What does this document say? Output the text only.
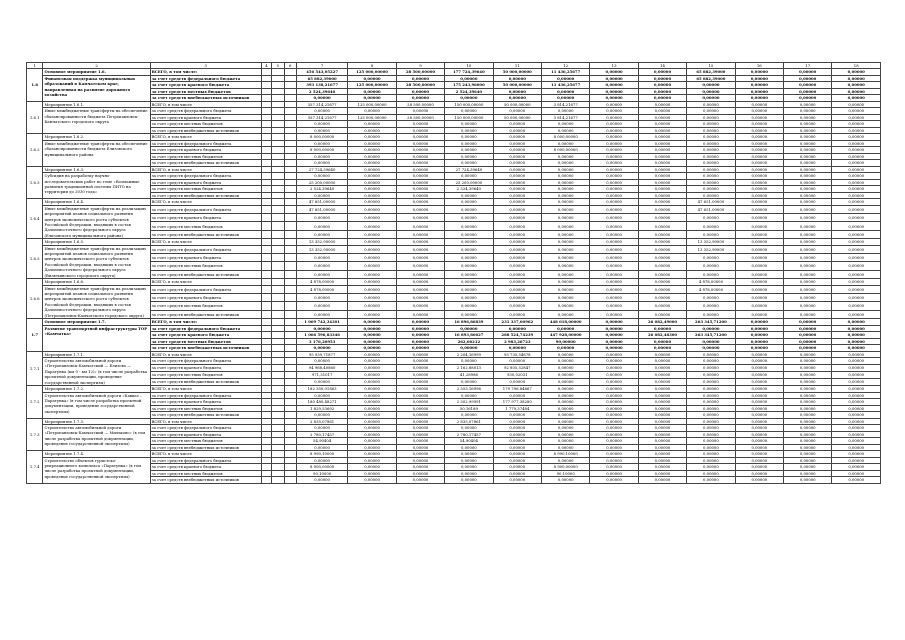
1	2	3	4	5	6	7	8	9	10	11	12	13	14	15	16	17	18
1.6	Основное мероприятие 1.6.	ВСЕГО, в том числе:				456 543,05227	125 000,00000	28 500,00000	177 724,39640	50 000,00000	11 436,25677	0,00000	0,00000	65 882,39000	0,00000	0,00000	0,00000
	Финансовая поддержка муниципальных образований в Камчатском крае, направленная на развитие дорожного хозяйства	за счет средств федерального бюджета				65 882,39000	0,00000	0,00000	0,00000	0,00000	0,00000	0,00000	0,00000	65 882,39000	0,00000	0,00000	0,00000
		за счет средств краевого бюджета				393 138,21677	125 000,00000	28 500,00000	175 243,96000	50 000,00000	11 436,25677	0,00000	0,00000	0,00000	0,00000	0,00000	0,00000
		за счет средств местных бюджетов				2 524,39640	0,00000	0,00000	2 524,39640	0,00000	0,00000	0,00000	0,00000	0,00000	0,00000	0,00000	0,00000
		за счет средств внебюджетных источников				0,00000	0,00000	0,00000	0,00000	0,00000	0,00000	0,00000	0,00000	0,00000	0,00000	0,00000	0,00000
1.6.1	Мероприятие 1.6.1.	ВСЕГО, в том числе				357 314,21677	125 000,00000	28 500,00000	150 000,00000	50 000,00000	3 814,21677	0,00000	0,00000	0,00000	0,00000	0,00000	0,00000
	Иные межбюджетные трансферты на обеспечение сбалансированности бюджета Петропавловск-Камчатского городского округа	за счет средств федерального бюджета				0,00000	0,00000	0,00000	0,00000	0,00000	0,00000	0,00000	0,00000	0,00000	0,00000	0,00000	0,00000
		за счет средств краевого бюджета				357 314,21677	125 000,00000	28 500,00000	150 000,00000	50 000,00000	3 814,21677	0,00000	0,00000	0,00000	0,00000	0,00000	0,00000
		за счет средств местных бюджетов				0,00000	0,00000	0,00000	0,00000	0,00000	0,00000	0,00000	0,00000	0,00000	0,00000	0,00000	0,00000
		за счет средств внебюджетных источников				0,00000	0,00000	0,00000	0,00000	0,00000	0,00000	0,00000	0,00000	0,00000	0,00000	0,00000	0,00000
1.6.2	Мероприятие 1.6.2.	ВСЕГО, в том числе				8 000,00000	0,00000	0,00000	0,00000	0,00000	8 000,00000	0,00000	0,00000	0,00000	0,00000	0,00000	0,00000
	Иные межбюджетные трансферты на обеспечение сбалансированности бюджета Елизовского муниципального района	за счет средств федерального бюджета				0,00000	0,00000	0,00000	0,00000	0,00000	0,00000	0,00000	0,00000	0,00000	0,00000	0,00000	0,00000
		за счет средств краевого бюджета				8 000,00000	0,00000	0,00000	0,00000	0,00000	8 000,00000	0,00000	0,00000	0,00000	0,00000	0,00000	0,00000
		за счет средств местных бюджетов				0,00000	0,00000	0,00000	0,00000	0,00000	0,00000	0,00000	0,00000	0,00000	0,00000	0,00000	0,00000
		за счет средств внебюджетных источников				0,00000	0,00000	0,00000	0,00000	0,00000	0,00000	0,00000	0,00000	0,00000	0,00000	0,00000	0,00000
1.6.3	Мероприятие 1.6.3.	ВСЕГО, в том числе				27 724,39640	0,00000	0,00000	27 724,39640	0,00000	0,00000	0,00000	0,00000	0,00000	0,00000	0,00000	0,00000
	Субсидия на разработку научно-исследовательских работ по теме «Возможные развития традиционной системы ПИТО на территории до 2030 года»	за счет средств федерального бюджета				0,00000	0,00000	0,00000	0,00000	0,00000	0,00000	0,00000	0,00000	0,00000	0,00000	0,00000	0,00000
		за счет средств краевого бюджета				25 200,00000	0,00000	0,00000	25 200,00000	0,00000	0,00000	0,00000	0,00000	0,00000	0,00000	0,00000	0,00000
		за счет средств местных бюджетов				2 524,39640	0,00000	0,00000	2 524,39640	0,00000	0,00000	0,00000	0,00000	0,00000	0,00000	0,00000	0,00000
		за счет средств внебюджетных источников				0,00000	0,00000	0,00000	0,00000	0,00000	0,00000	0,00000	0,00000	0,00000	0,00000	0,00000	0,00000
1.6.4	Мероприятие 1.6.4.	ВСЕГО, в том числе				47 651,00000	0,00000	0,00000	0,00000	0,00000	0,00000	0,00000	0,00000	47 651,00000	0,00000	0,00000	0,00000
	Иные межбюджетные трансферты на реализацию мероприятий планов социального развития центров экономического роста субъектов Российской Федерации, входящих в состав Дальневосточного федерального округа (Елизовского муниципального района)	за счет средств федерального бюджета				47 651,00000	0,00000	0,00000	0,00000	0,00000	0,00000	0,00000	0,00000	47 651,00000	0,00000	0,00000	0,00000
		за счет средств краевого бюджета				0,00000	0,00000	0,00000	0,00000	0,00000	0,00000	0,00000	0,00000	0,00000	0,00000	0,00000	0,00000
		за счет средств местных бюджетов				0,00000	0,00000	0,00000	0,00000	0,00000	0,00000	0,00000	0,00000	0,00000	0,00000	0,00000	0,00000
		за счет средств внебюджетных источников				0,00000	0,00000	0,00000	0,00000	0,00000	0,00000	0,00000	0,00000	0,00000	0,00000	0,00000	0,00000
1.6.5	Мероприятие 1.6.5.	ВСЕГО, в том числе				13 352,90000	0,00000	0,00000	0,00000	0,00000	0,00000	0,00000	0,00000	13 352,90000	0,00000	0,00000	0,00000
	Иные межбюджетные трансферты на реализацию мероприятий планов социального развития центров экономического роста субъектов Российской Федерации, входящих в состав Дальневосточного федерального округа (Вилючинского городского округа)	за счет средств федерального бюджета				13 352,90000	0,00000	0,00000	0,00000	0,00000	0,00000	0,00000	0,00000	13 352,90000	0,00000	0,00000	0,00000
		за счет средств краевого бюджета				0,00000	0,00000	0,00000	0,00000	0,00000	0,00000	0,00000	0,00000	0,00000	0,00000	0,00000	0,00000
		за счет средств местных бюджетов				0,00000	0,00000	0,00000	0,00000	0,00000	0,00000	0,00000	0,00000	0,00000	0,00000	0,00000	0,00000
		за счет средств внебюджетных источников				0,00000	0,00000	0,00000	0,00000	0,00000	0,00000	0,00000	0,00000	0,00000	0,00000	0,00000	0,00000
1.6.6	Мероприятие 1.6.6.	ВСЕГО, в том числе				4 878,00000	0,00000	0,00000	0,00000	0,00000	0,00000	0,00000	0,00000	4 878,00000	0,00000	0,00000	0,00000
	Иные межбюджетные трансферты на реализацию мероприятий планов социального развития центров экономического роста субъектов Российской Федерации, входящих в состав Дальневосточного федерального округа (Петропавловск-Камчатского городского округа)	за счет средств федерального бюджета				4 878,00000	0,00000	0,00000	0,00000	0,00000	0,00000	0,00000	0,00000	4 878,00000	0,00000	0,00000	0,00000
		за счет средств краевого бюджета				0,00000	0,00000	0,00000	0,00000	0,00000	0,00000	0,00000	0,00000	0,00000	0,00000	0,00000	0,00000
		за счет средств местных бюджетов				0,00000	0,00000	0,00000	0,00000	0,00000	0,00000	0,00000	0,00000	0,00000	0,00000	0,00000	0,00000
		за счет средств внебюджетных источников				0,00000	0,00000	0,00000	0,00000	0,00000	0,00000	0,00000	0,00000	0,00000	0,00000	0,00000	0,00000
1.7	Основное мероприятие 1.7.	ВСЕГО, в том числе:				1 069 742,34301	0,00000	0,00000	16 896,86839	231 337,00962	448 018,00000	0,00000	26 082,49000	263 345,71200	0,00000	0,00000	0,00000
	Развитие транспортной инфраструктуры ТОР «Камчатка»	за счет средств федерального бюджета				0,00000	0,00000	0,00000	0,00000	0,00000	0,00000	0,00000	0,00000	0,00000	0,00000	0,00000	0,00000
		за счет средств краевого бюджета				1 066 596,83346	0,00000	0,00000	16 893,80627	288 524,74239	447 928,00000	0,00000	26 082,48300	263 345,71200	0,00000	0,00000	0,00000
		за счет средств местных бюджетов				3 176,20953	0,00000	0,00000	262,06212	2 983,26723	90,00000	0,00000	0,00000	0,00000	0,00000	0,00000	0,00000
		за счет средств внебюджетных источников				0,00000	0,00000	0,00000	0,00000	0,00000	0,00000	0,00000	0,00000	0,00000	0,00000	0,00000	0,00000
1.7.1	Мероприятие 1.7.1.	ВСЕГО, в том числе				95 939,71877	0,00000	0,00000	2 204,16999	93 735,54878	0,00000	0,00000	0,00000	0,00000	0,00000	0,00000	0,00000
	Строительство автомобильной дороги «Петропавловск-Камчатский — Елизово — Паратунка (км 0 - км 12)» (в том числе разработка проектной документации, проведение государственной экспертизы)	за счет средств федерального бюджета				0,00000	0,00000	0,00000	0,00000	0,00000	0,00000	0,00000	0,00000	0,00000	0,00000	0,00000	0,00000
		за счет средств краевого бюджета				94 968,40860	0,00000	0,00000	2 162,88013	92 805,52847	0,00000	0,00000	0,00000	0,00000	0,00000	0,00000	0,00000
		за счет средств местных бюджетов				971,31017	0,00000	0,00000	41,28986	930,02031	0,00000	0,00000	0,00000	0,00000	0,00000	0,00000	0,00000
		за счет средств внебюджетных источников				0,00000	0,00000	0,00000	0,00000	0,00000	0,00000	0,00000	0,00000	0,00000	0,00000	0,00000	0,00000
1.7.2	Мероприятие 1.7.2.	ВСЕГО, в том числе				182 350,01863	0,00000	0,00000	2 553,16996	179 796,84867	0,00000	0,00000	0,00000	0,00000	0,00000	0,00000	0,00000
	Строительство автомобильной дороги «Кавказ – Паратунка» (в том числе разработка проектной документации, проведение государственной экспертизы)	за счет средств федерального бюджета				0,00000	0,00000	0,00000	0,00000	0,00000	0,00000	0,00000	0,00000	0,00000	0,00000	0,00000	0,00000
		за счет средств краевого бюджета				180 480,48271	0,00000	0,00000	2 502,99991	177 977,38280	0,00000	0,00000	0,00000	0,00000	0,00000	0,00000	0,00000
		за счет средств местных бюджетов				1 829,53692	0,00000	0,00000	50,16189	1 779,37484	0,00000	0,00000	0,00000	0,00000	0,00000	0,00000	0,00000
		за счет средств внебюджетных источников				0,00000	0,00000	0,00000	0,00000	0,00000	0,00000	0,00000	0,00000	0,00000	0,00000	0,00000	0,00000
1.7.3	Мероприятие 1.7.3.	ВСЕГО, в том числе				2 835,07861	0,00000	0,00000	2 835,07861	0,00000	0,00000	0,00000	0,00000	0,00000	0,00000	0,00000	0,00000
	Строительство автомобильной дороги «Петропавловск-Камчатский — Мильково» (в том числе разработка проектной документации, проведение государственной экспертизы)	за счет средств федерального бюджета				0,00000	0,00000	0,00000	0,00000	0,00000	0,00000	0,00000	0,00000	0,00000	0,00000	0,00000	0,00000
		за счет средств краевого бюджета				2 780,17457	0,00000	0,00000	2 780,17457	0,00000	0,00000	0,00000	0,00000	0,00000	0,00000	0,00000	0,00000
		за счет средств местных бюджетов				54,90404	0,00000	0,00000	54,90404	0,00000	0,00000	0,00000	0,00000	0,00000	0,00000	0,00000	0,00000
		за счет средств внебюджетных источников				0,00000	0,00000	0,00000	0,00000	0,00000	0,00000	0,00000	0,00000	0,00000	0,00000	0,00000	0,00000
1.7.4	Мероприятие 1.7.4.	ВСЕГО, в том числе				8 990,10000	0,00000	0,00000	0,00000	0,00000	8 990,10000	0,00000	0,00000	0,00000	0,00000	0,00000	0,00000
	Строительство объектов туристско-рекреационного комплекса «Паратунка» (в том числе разработка проектной документации, проведение государственной экспертизы)	за счет средств федерального бюджета				0,00000	0,00000	0,00000	0,00000	0,00000	0,00000	0,00000	0,00000	0,00000	0,00000	0,00000	0,00000
		за счет средств краевого бюджета				8 900,00000	0,00000	0,00000	0,00000	0,00000	8 900,00000	0,00000	0,00000	0,00000	0,00000	0,00000	0,00000
		за счет средств местных бюджетов				90,10000	0,00000	0,00000	0,00000	0,00000	90,10000	0,00000	0,00000	0,00000	0,00000	0,00000	0,00000
		за счет средств внебюджетных источников				0,00000	0,00000	0,00000	0,00000	0,00000	0,00000	0,00000	0,00000	0,00000	0,00000	0,00000	0,00000
